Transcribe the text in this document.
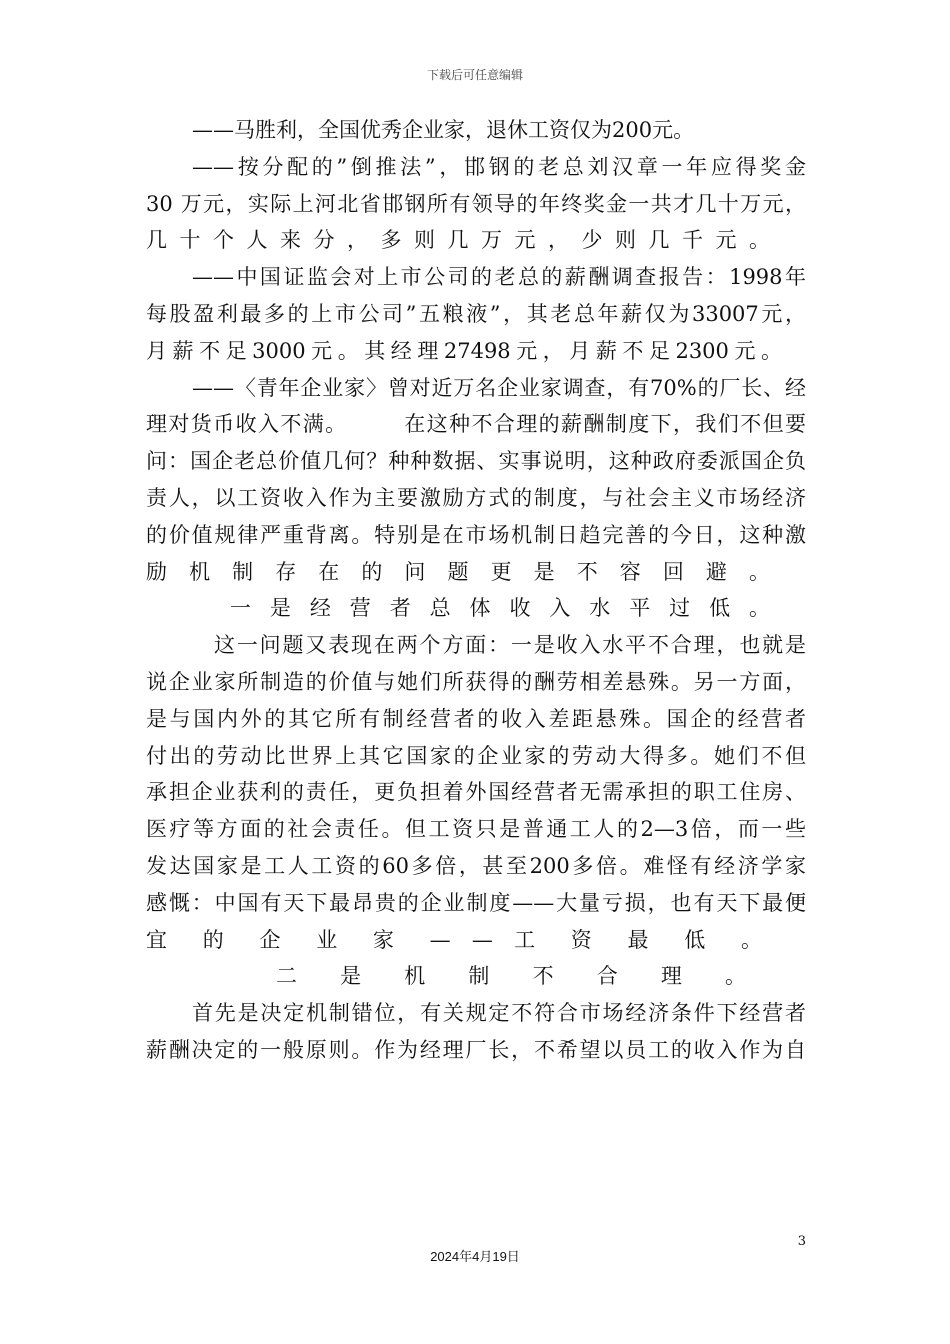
下载后可任意编辑
——马胜利，全国优秀企业家，退休工资仅为200元。
——按分配的”倒推法”，邯钢的老总刘汉章一年应得奖金
30 万元，实际上河北省邯钢所有领导的年终奖金一共才几十万元，
几 十 个 人 来 分 ， 多 则 几 万 元 ， 少 则 几 千 元 。
——中国证监会对上市公司的老总的薪酬调查报告：1998年
每股盈利最多的上市公司”五粮液”，其老总年薪仅为33007元，
月薪不足3000元。其经理27498元，月薪不足2300元。
——〈青年企业家〉曾对近万名企业家调查，有70%的厂长、经
理对货币收入不满。　　　在这种不合理的薪酬制度下，我们不但要
问：国企老总价值几何？种种数据、实事说明，这种政府委派国企负
责人，以工资收入作为主要激励方式的制度，与社会主义市场经济
的价值规律严重背离。特别是在市场机制日趋完善的今日，这种激
励 机 制 存 在 的 问 题 更 是 不 容 回 避 。
一 是 经 营 者 总 体 收 入 水 平 过 低 。
这一问题又表现在两个方面：一是收入水平不合理，也就是
说企业家所制造的价值与她们所获得的酬劳相差悬殊。另一方面，
是与国内外的其它所有制经营者的收入差距悬殊。国企的经营者
付出的劳动比世界上其它国家的企业家的劳动大得多。她们不但
承担企业获利的责任，更负担着外国经营者无需承担的职工住房、
医疗等方面的社会责任。但工资只是普通工人的2—3倍，而一些
发达国家是工人工资的60多倍，甚至200多倍。难怪有经济学家
感慨：中国有天下最昂贵的企业制度——大量亏损，也有天下最便
宜 的 企 业 家 — — 工 资 最 低 。
二 是 机 制 不 合 理 。
首先是决定机制错位，有关规定不符合市场经济条件下经营者
薪酬决定的一般原则。作为经理厂长，不希望以员工的收入作为自
3
2024年4月19日
